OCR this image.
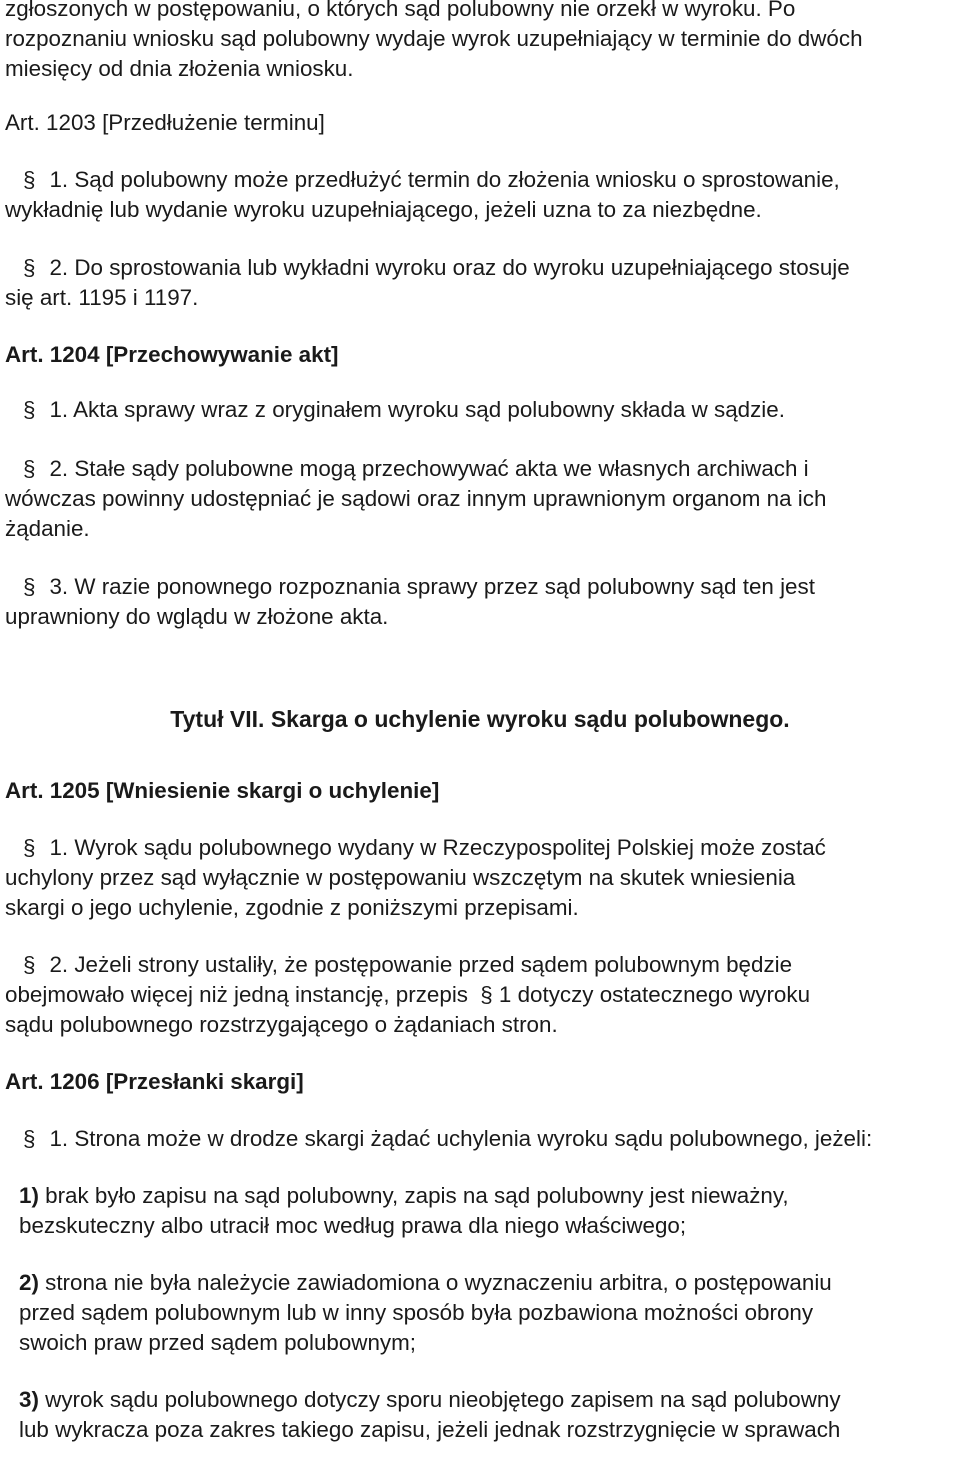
zgłoszonych w postępowaniu, o których sąd polubowny nie orzekł w wyroku. Po
rozpoznaniu wniosku sąd polubowny wydaje wyrok uzupełniający w terminie do dwóch
miesięcy od dnia złożenia wniosku.
Art. 1203 [Przedłużenie terminu]
§ 1. Sąd polubowny może przedłużyć termin do złożenia wniosku o sprostowanie,
wykładnię lub wydanie wyroku uzupełniającego, jeżeli uzna to za niezbędne.
§ 2. Do sprostowania lub wykładni wyroku oraz do wyroku uzupełniającego stosuje
się art. 1195 i 1197.
Art. 1204 [Przechowywanie akt]
§ 1. Akta sprawy wraz z oryginałem wyroku sąd polubowny składa w sądzie.
§ 2. Stałe sądy polubowne mogą przechowywać akta we własnych archiwach i
wówczas powinny udostępniać je sądowi oraz innym uprawnionym organom na ich
żądanie.
§ 3. W razie ponownego rozpoznania sprawy przez sąd polubowny sąd ten jest
uprawniony do wglądu w złożone akta.
Tytuł VII. Skarga o uchylenie wyroku sądu polubownego.
Art. 1205 [Wniesienie skargi o uchylenie]
§ 1. Wyrok sądu polubownego wydany w Rzeczypospolitej Polskiej może zostać
uchylony przez sąd wyłącznie w postępowaniu wszczętym na skutek wniesienia
skargi o jego uchylenie, zgodnie z poniższymi przepisami.
§ 2. Jeżeli strony ustaliły, że postępowanie przed sądem polubownym będzie
obejmowało więcej niż jedną instancję, przepis § 1 dotyczy ostatecznego wyroku
sądu polubownego rozstrzygającego o żądaniach stron.
Art. 1206 [Przesłanki skargi]
§ 1. Strona może w drodze skargi żądać uchylenia wyroku sądu polubownego, jeżeli:
1) brak było zapisu na sąd polubowny, zapis na sąd polubowny jest nieważny,
bezskuteczny albo utracił moc według prawa dla niego właściwego;
2) strona nie była należycie zawiadomiona o wyznaczeniu arbitra, o postępowaniu
przed sądem polubownym lub w inny sposób była pozbawiona możności obrony
swoich praw przed sądem polubownym;
3) wyrok sądu polubownego dotyczy sporu nieobjętego zapisem na sąd polubowny
lub wykracza poza zakres takiego zapisu, jeżeli jednak rozstrzygnięcie w sprawach
